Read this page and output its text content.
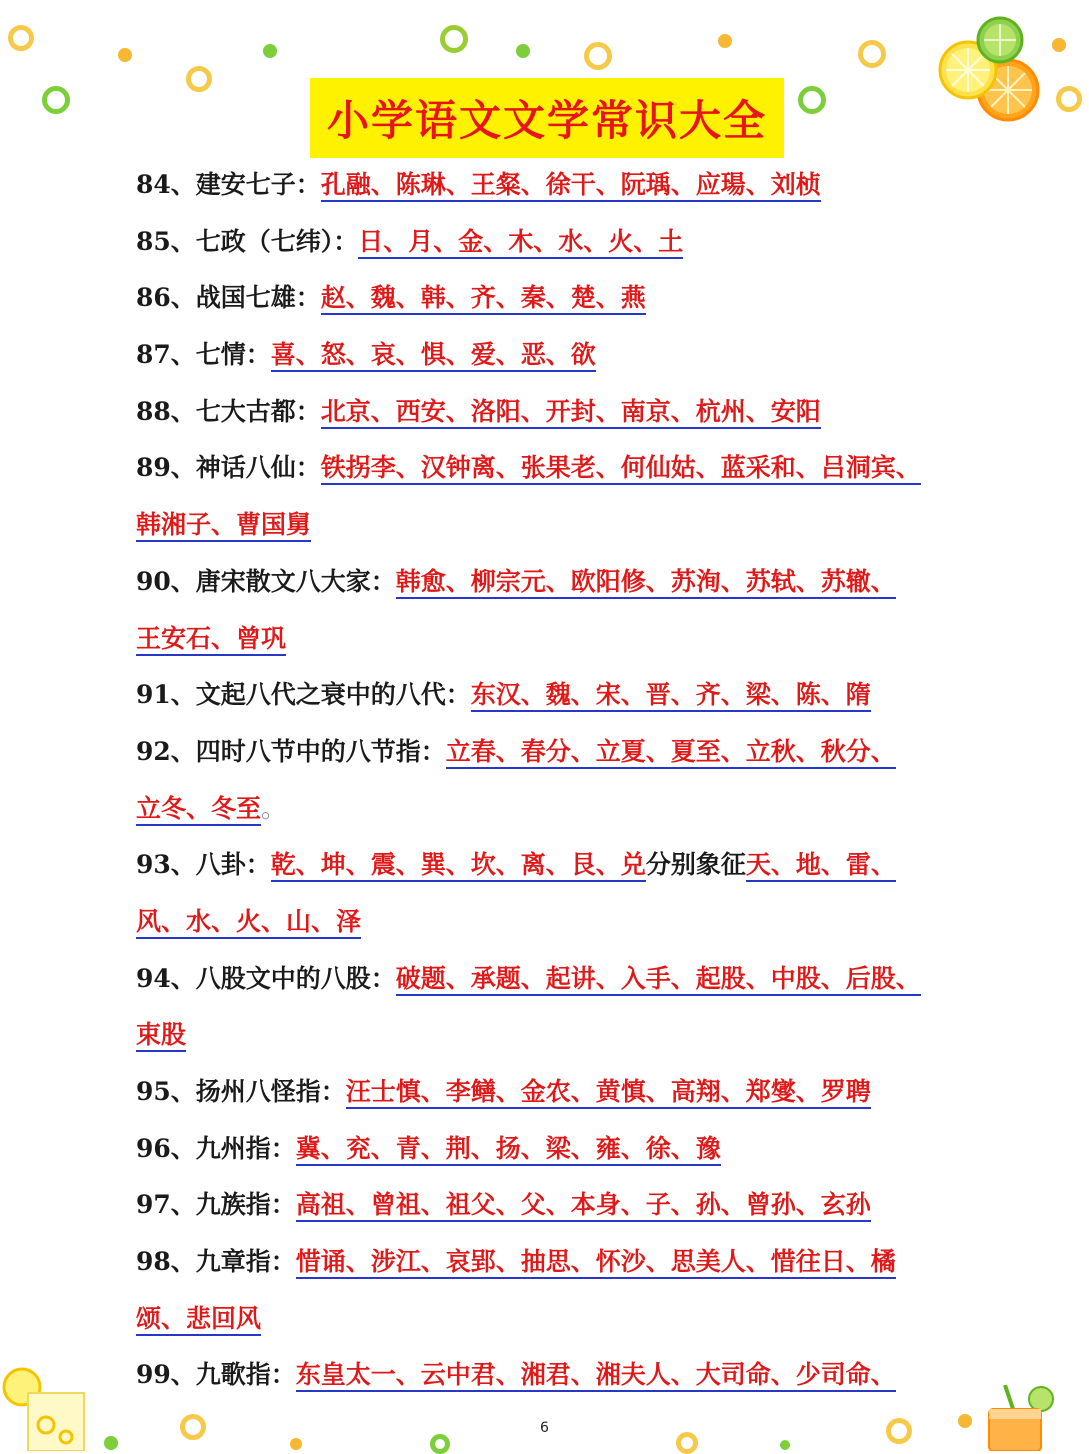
小学语文文学常识大全
84、建安七子：孔融、陈琳、王粲、徐干、阮瑀、应瑒、刘桢
85、七政（七纬）：日、月、金、木、水、火、土
86、战国七雄：赵、魏、韩、齐、秦、楚、燕
87、七情：喜、怒、哀、惧、爱、恶、欲
88、七大古都：北京、西安、洛阳、开封、南京、杭州、安阳
89、神话八仙：铁拐李、汉钟离、张果老、何仙姑、蓝采和、吕洞宾、
韩湘子、曹国舅
90、唐宋散文八大家：韩愈、柳宗元、欧阳修、苏洵、苏轼、苏辙、
王安石、曾巩
91、文起八代之衰中的八代：东汉、魏、宋、晋、齐、梁、陈、隋
92、四时八节中的八节指：立春、春分、立夏、夏至、立秋、秋分、
立冬、冬至。
93、八卦：乾、坤、震、巽、坎、离、艮、兑分别象征天、地、雷、
风、水、火、山、泽
94、八股文中的八股：破题、承题、起讲、入手、起股、中股、后股、
束股
95、扬州八怪指：汪士慎、李鳝、金农、黄慎、高翔、郑燮、罗聘
96、九州指：冀、兖、青、荆、扬、梁、雍、徐、豫
97、九族指：高祖、曾祖、祖父、父、本身、子、孙、曾孙、玄孙
98、九章指：惜诵、涉江、哀郢、抽思、怀沙、思美人、惜往日、橘
颂、悲回风
99、九歌指：东皇太一、云中君、湘君、湘夫人、大司命、少司命、
6
